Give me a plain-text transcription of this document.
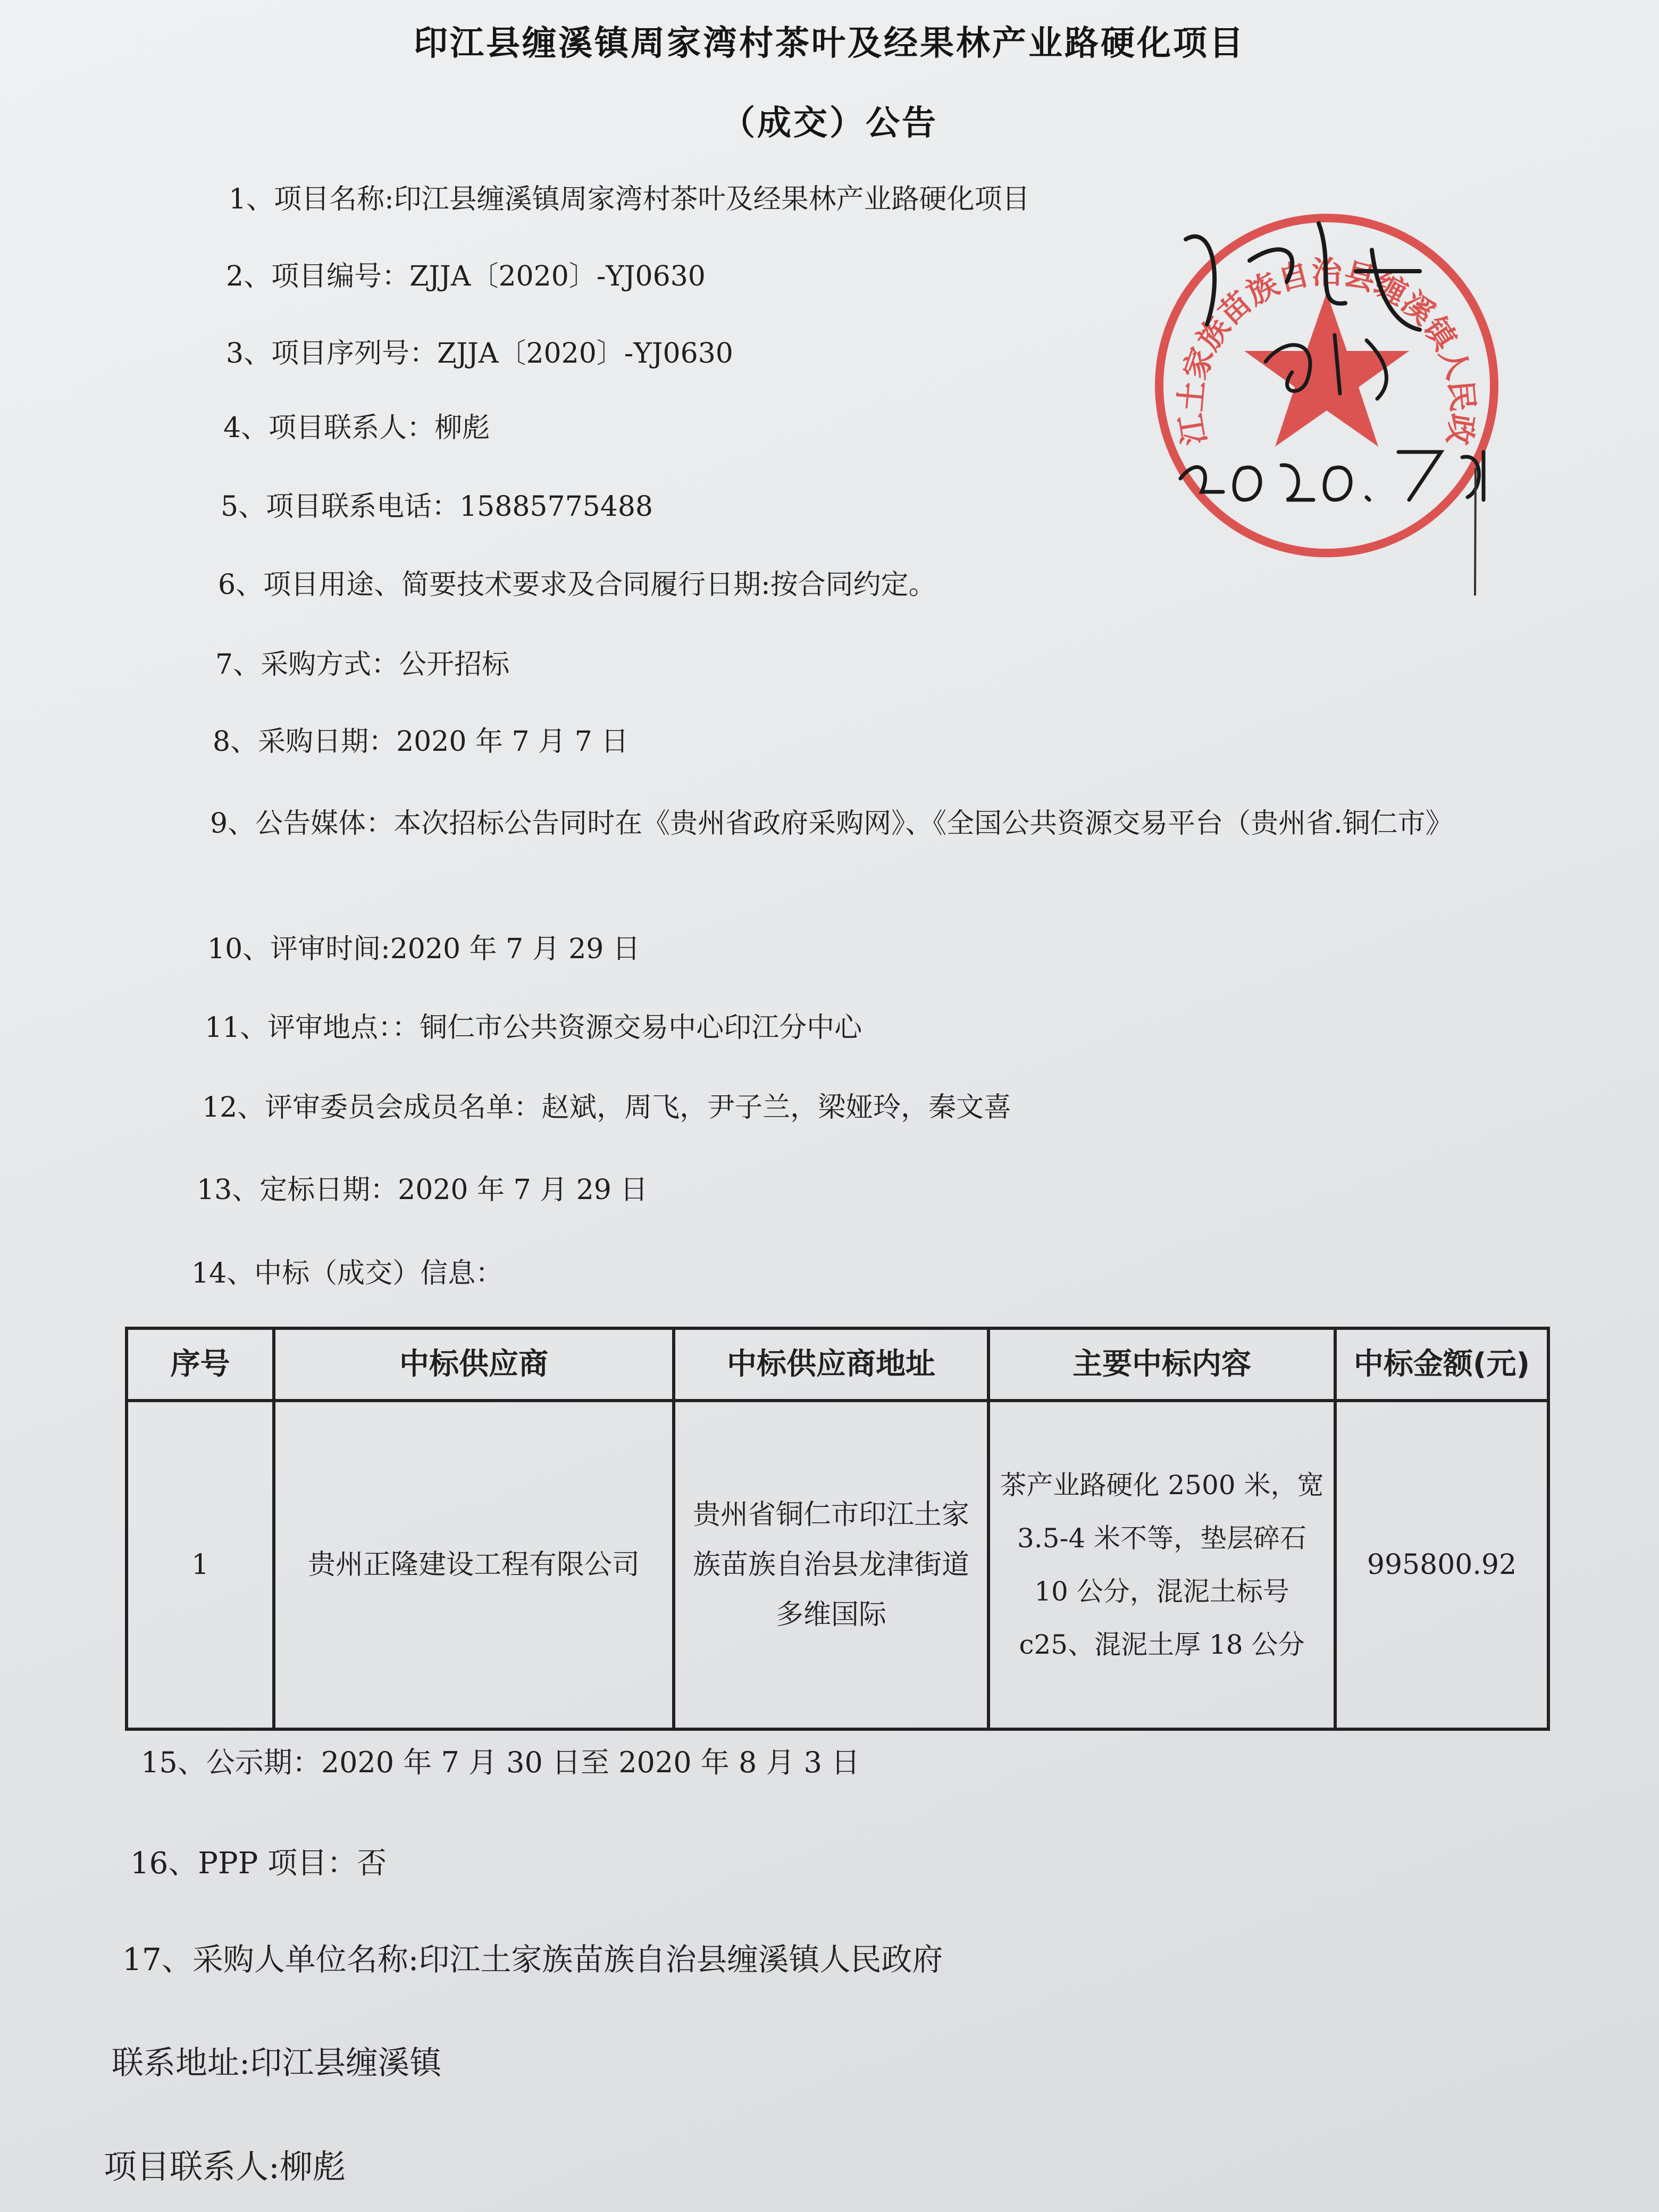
印江县缠溪镇周家湾村茶叶及经果林产业路硬化项目
（成交）公告
1、项目名称:印江县缠溪镇周家湾村茶叶及经果林产业路硬化项目
2、项目编号：ZJJA〔2020〕-YJ0630
3、项目序列号：ZJJA〔2020〕-YJ0630
4、项目联系人：柳彪
5、项目联系电话：15885775488
6、项目用途、简要技术要求及合同履行日期:按合同约定。
7、采购方式：公开招标
8、采购日期：2020 年 7 月 7 日
9、公告媒体：本次招标公告同时在《贵州省政府采购网》、《全国公共资源交易平台（贵州省.铜仁市》
10、评审时间:2020 年 7 月 29 日
11、评审地点：：铜仁市公共资源交易中心印江分中心
12、评审委员会成员名单：赵斌，周飞，尹子兰，梁娅玲，秦文喜
13、定标日期：2020 年 7 月 29 日
14、中标（成交）信息：
序号	中标供应商	中标供应商地址	主要中标内容	中标金额(元)
1	贵州正隆建设工程有限公司	贵州省铜仁市印江土家族苗族自治县龙津街道多维国际	茶产业路硬化 2500 米，宽 3.5-4 米不等，垫层碎石 10 公分，混泥土标号 c25、混泥土厚 18 公分	995800.92
15、公示期：2020 年 7 月 30 日至 2020 年 8 月 3 日
16、PPP 项目：否
17、采购人单位名称:印江土家族苗族自治县缠溪镇人民政府
联系地址:印江县缠溪镇
项目联系人:柳彪
江土家族苗族自治县缠溪镇人民政
